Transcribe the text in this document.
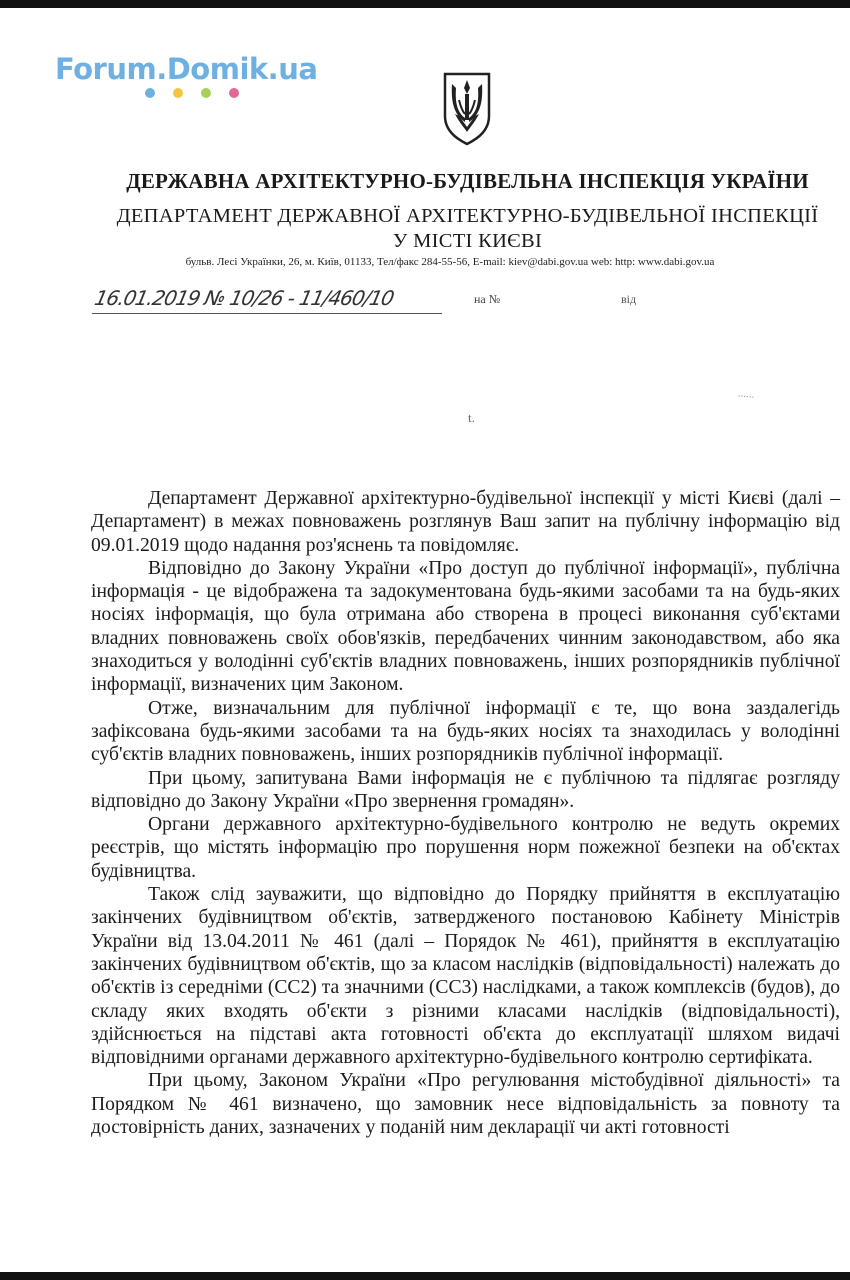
Forum.Domik.ua
ДЕРЖАВНА АРХІТЕКТУРНО-БУДІВЕЛЬНА ІНСПЕКЦІЯ УКРАЇНИ
ДЕПАРТАМЕНТ ДЕРЖАВНОЇ АРХІТЕКТУРНО-БУДІВЕЛЬНОЇ ІНСПЕКЦІЇ
У МІСТІ КИЄВІ
бульв. Лесі Українки, 26, м. Київ, 01133, Тел/факс 284-55-56, E-mail: kiev@dabi.gov.ua web: http: www.dabi.gov.ua
16.01.2019 № 10/26 - 11/460/10	на №	від
......
t.

Департамент Державної архітектурно-будівельної інспекції у місті Києві (далі – Департамент) в межах повноважень розглянув Ваш запит на публічну інформацію від 09.01.2019 щодо надання роз'яснень та повідомляє.

Відповідно до Закону України «Про доступ до публічної інформації», публічна інформація - це відображена та задокументована будь-якими засобами та на будь-яких носіях інформація, що була отримана або створена в процесі виконання суб'єктами владних повноважень своїх обов'язків, передбачених чинним законодавством, або яка знаходиться у володінні суб'єктів владних повноважень, інших розпорядників публічної інформації, визначених цим Законом.

Отже, визначальним для публічної інформації є те, що вона заздалегідь зафіксована будь-якими засобами та на будь-яких носіях та знаходилась у володінні суб'єктів владних повноважень, інших розпорядників публічної інформації.

При цьому, запитувана Вами інформація не є публічною та підлягає розгляду відповідно до Закону України «Про звернення громадян».

Органи державного архітектурно-будівельного контролю не ведуть окремих реєстрів, що містять інформацію про порушення норм пожежної безпеки на об'єктах будівництва.

Також слід зауважити, що відповідно до Порядку прийняття в експлуатацію закінчених будівництвом об'єктів, затвердженого постановою Кабінету Міністрів України від 13.04.2011 № 461 (далі – Порядок № 461), прийняття в експлуатацію закінчених будівництвом об'єктів, що за класом наслідків (відповідальності) належать до об'єктів із середніми (СС2) та значними (СС3) наслідками, а також комплексів (будов), до складу яких входять об'єкти з різними класами наслідків (відповідальності), здійснюється на підставі акта готовності об'єкта до експлуатації шляхом видачі відповідними органами державного архітектурно-будівельного контролю сертифіката.

При цьому, Законом України «Про регулювання містобудівної діяльності» та Порядком № 461 визначено, що замовник несе відповідальність за повноту та достовірність даних, зазначених у поданій ним декларації чи акті готовності
